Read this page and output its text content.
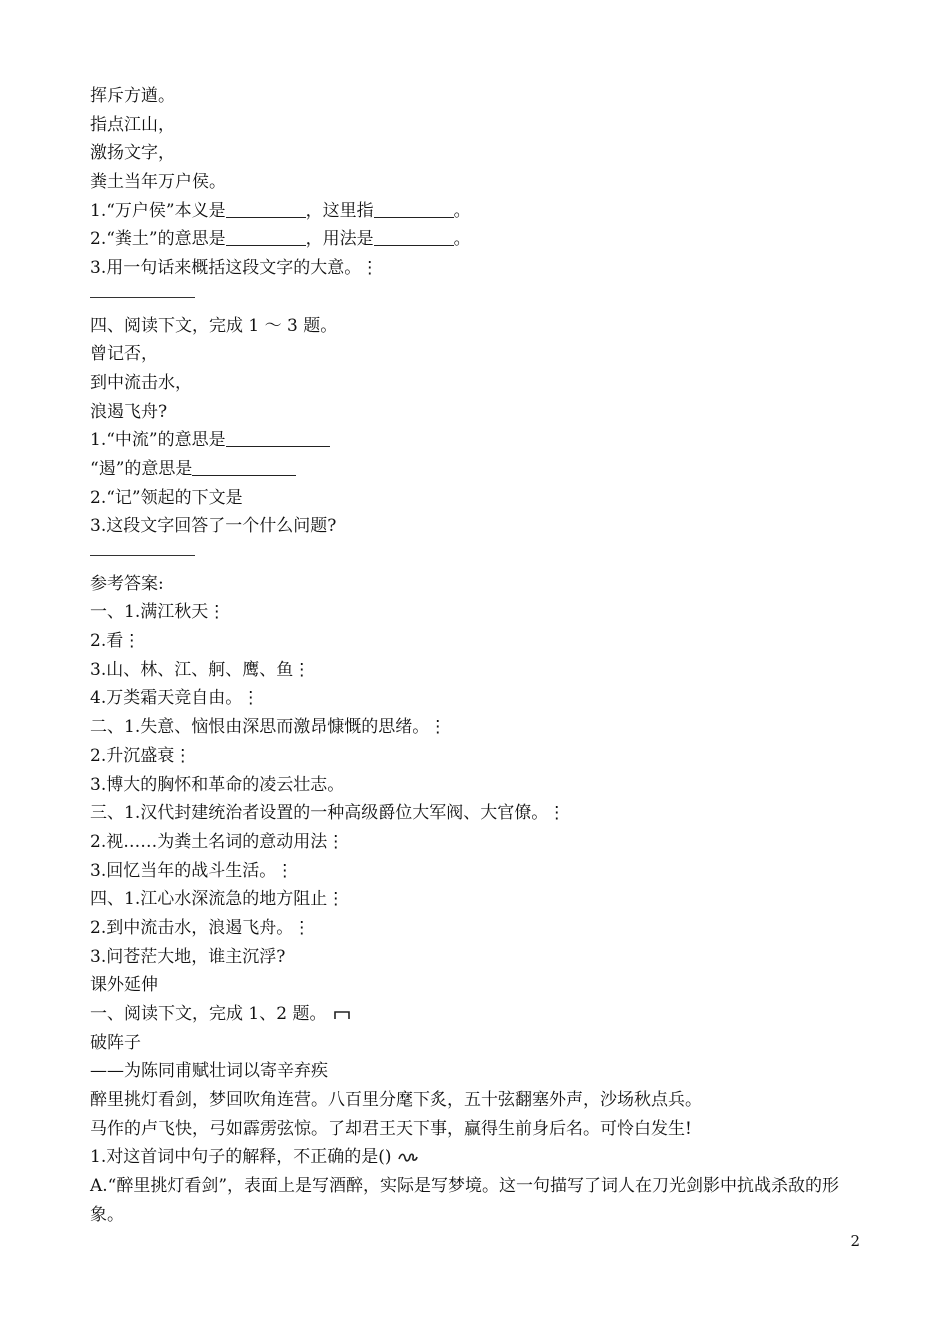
挥斥方遒。
指点江山，
激扬文字，
粪土当年万户侯。
1.“万户侯”本义是	，这里指	。
2.“粪土”的意思是	，用法是	。
3.用一句话来概括这段文字的大意。⋮
四、阅读下文，完成 1 ～ 3 题。
曾记否，
到中流击水，
浪遏飞舟?
1.“中流”的意思是
“遏”的意思是
2.“记”领起的下文是
3.这段文字回答了一个什么问题?
参考答案:
一、1.满江秋天⋮
2.看⋮
3.山、林、江、舸、鹰、鱼⋮
4.万类霜天竞自由。⋮
二、1.失意、恼恨由深思而激昂慷慨的思绪。⋮
2.升沉盛衰⋮
3.博大的胸怀和革命的凌云壮志。
三、1.汉代封建统治者设置的一种高级爵位大军阀、大官僚。⋮
2.视……为粪土名词的意动用法⋮
3.回忆当年的战斗生活。⋮
四、1.江心水深流急的地方阻止⋮
2.到中流击水，浪遏飞舟。⋮
3.问苍茫大地，谁主沉浮?
课外延伸
一、阅读下文，完成 1、2 题。
破阵子
——为陈同甫赋壮词以寄辛弃疾
醉里挑灯看剑，梦回吹角连营。八百里分麾下炙，五十弦翻塞外声，沙场秋点兵。
马作的卢飞快，弓如霹雳弦惊。了却君王天下事，赢得生前身后名。可怜白发生!
1.对这首词中句子的解释，不正确的是()
A.“醉里挑灯看剑”，表面上是写酒醉，实际是写梦境。这一句描写了词人在刀光剑影中抗战杀敌的形象。
2
